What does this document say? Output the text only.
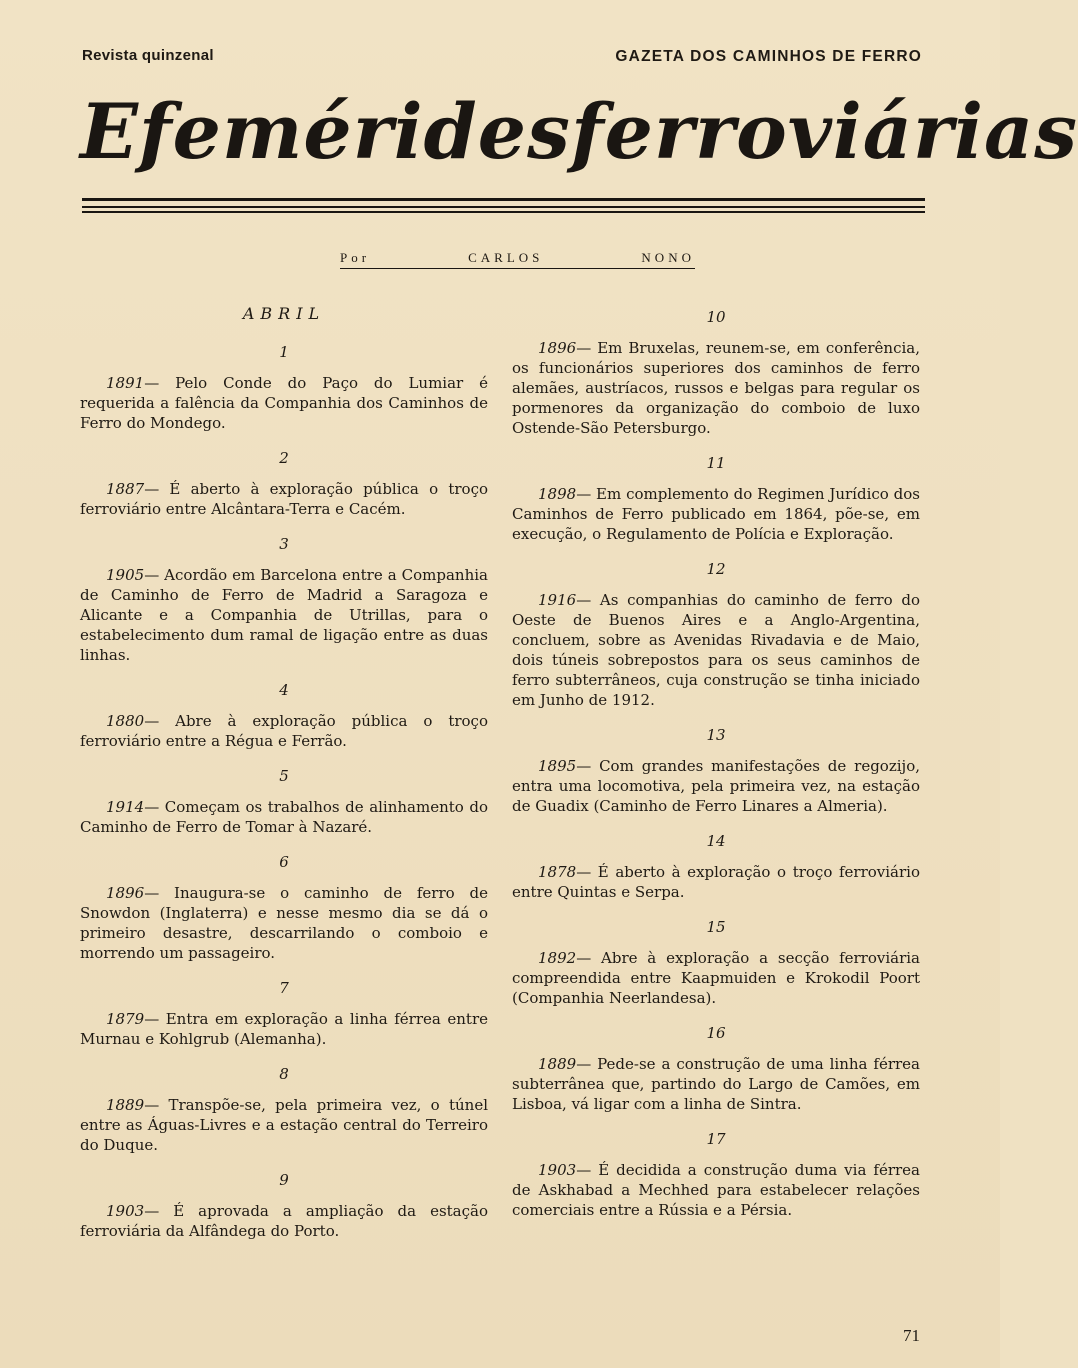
Revista quinzenal	GAZETA DOS CAMINHOS DE FERRO
Efemérides ferroviárias
Por	CARLOS	NONO
ABRIL
1
1891— Pelo Conde do Paço do Lumiar é requerida a falência da Companhia dos Caminhos de Ferro do Mondego.
2
1887— É aberto à exploração pública o troço ferroviário entre Alcântara-Terra e Cacém.
3
1905— Acordão em Barcelona entre a Companhia de Caminho de Ferro de Madrid a Saragoza e Alicante e a Companhia de Utrillas, para o estabelecimento dum ramal de ligação entre as duas linhas.
4
1880— Abre à exploração pública o troço ferroviário entre a Régua e Ferrão.
5
1914— Começam os trabalhos de alinhamento do Caminho de Ferro de Tomar à Nazaré.
6
1896— Inaugura-se o caminho de ferro de Snowdon (Inglaterra) e nesse mesmo dia se dá o primeiro desastre, descarrilando o comboio e morrendo um passageiro.
7
1879— Entra em exploração a linha férrea entre Murnau e Kohlgrub (Alemanha).
8
1889— Transpõe-se, pela primeira vez, o túnel entre as Águas-Livres e a estação central do Terreiro do Duque.
9
1903— É aprovada a ampliação da estação ferroviária da Alfândega do Porto.
10
1896— Em Bruxelas, reunem-se, em conferência, os funcionários superiores dos caminhos de ferro alemães, austríacos, russos e belgas para regular os pormenores da organização do comboio de luxo Ostende-São Petersburgo.
11
1898— Em complemento do Regimen Jurídico dos Caminhos de Ferro publicado em 1864, põe-se, em execução, o Regulamento de Polícia e Exploração.
12
1916— As companhias do caminho de ferro do Oeste de Buenos Aires e a Anglo-Argentina, concluem, sobre as Avenidas Rivadavia e de Maio, dois túneis sobrepostos para os seus caminhos de ferro subterrâneos, cuja construção se tinha iniciado em Junho de 1912.
13
1895— Com grandes manifestações de regozijo, entra uma locomotiva, pela primeira vez, na estação de Guadix (Caminho de Ferro Linares a Almeria).
14
1878— É aberto à exploração o troço ferroviário entre Quintas e Serpa.
15
1892— Abre à exploração a secção ferroviária compreendida entre Kaapmuiden e Krokodil Poort (Companhia Neerlandesa).
16
1889— Pede-se a construção de uma linha férrea subterrânea que, partindo do Largo de Camões, em Lisboa, vá ligar com a linha de Sintra.
17
1903— É decidida a construção duma via férrea de Askhabad a Mechhed para estabelecer relações comerciais entre a Rússia e a Pérsia.
71
